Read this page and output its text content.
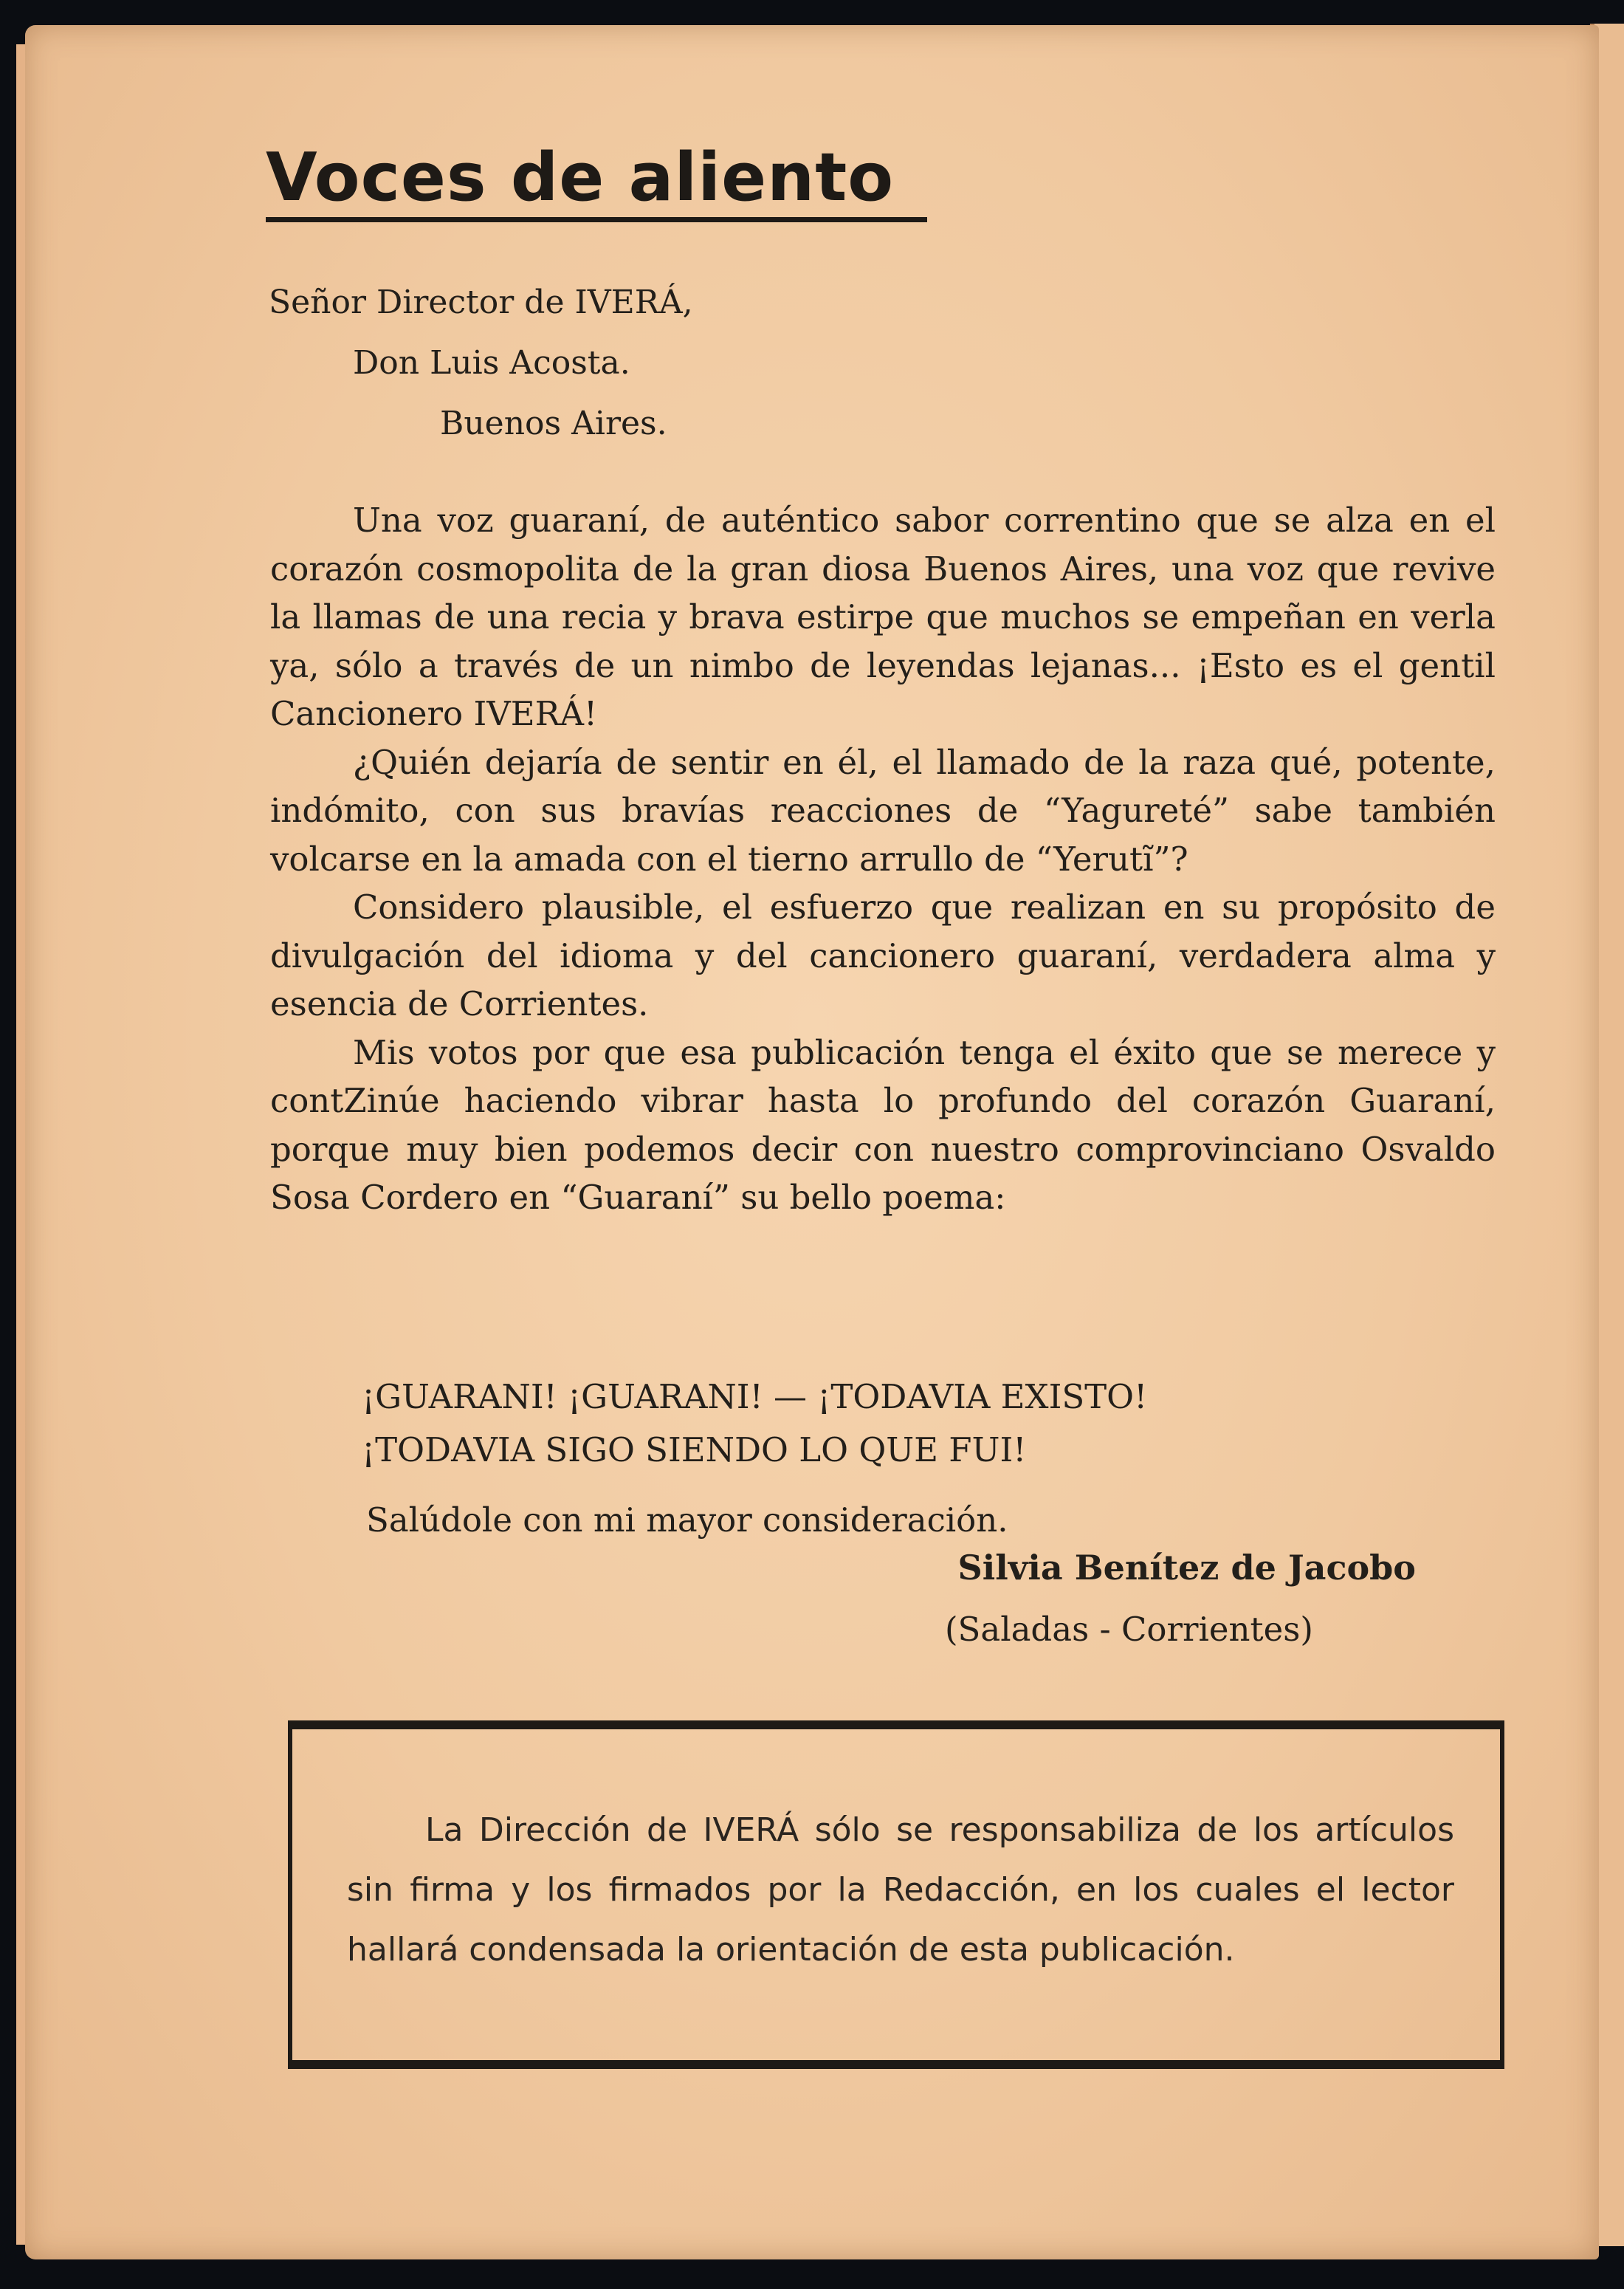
Voces de aliento
Señor Director de IVERÁ,
Don Luis Acosta.
Buenos Aires.

Una voz guaraní, de auténtico sabor correntino que se alza en el corazón cosmopolita de la gran diosa Buenos Aires, una voz que revive la llamas de una recia y brava estirpe que muchos se empeñan en verla ya, sólo a través de un nimbo de leyendas lejanas... ¡Esto es el gentil Cancionero IVERÁ!

¿Quién dejaría de sentir en él, el llamado de la raza qué, potente, indómito, con sus bravías reacciones de “Yagureté” sabe también volcarse en la amada con el tierno arrullo de “Yerutĩ”?

Considero plausible, el esfuerzo que realizan en su propósito de divulgación del idioma y del cancionero guaraní, verdadera alma y esencia de Corrientes.

Mis votos por que esa publicación tenga el éxito que se merece y contZinúe haciendo vibrar hasta lo profundo del corazón Guaraní, porque muy bien podemos decir con nuestro comprovinciano Osvaldo Sosa Cordero en “Guaraní” su bello poema:

¡GUARANI! ¡GUARANI! — ¡TODAVIA EXISTO!
¡TODAVIA SIGO SIENDO LO QUE FUI!
Salúdole con mi mayor consideración.
Silvia Benítez de Jacobo
(Saladas - Corrientes)

La Dirección de IVERÁ sólo se responsabiliza de los artículos sin firma y los firmados por la Redacción, en los cuales el lector hallará condensada la orientación de esta publicación.
